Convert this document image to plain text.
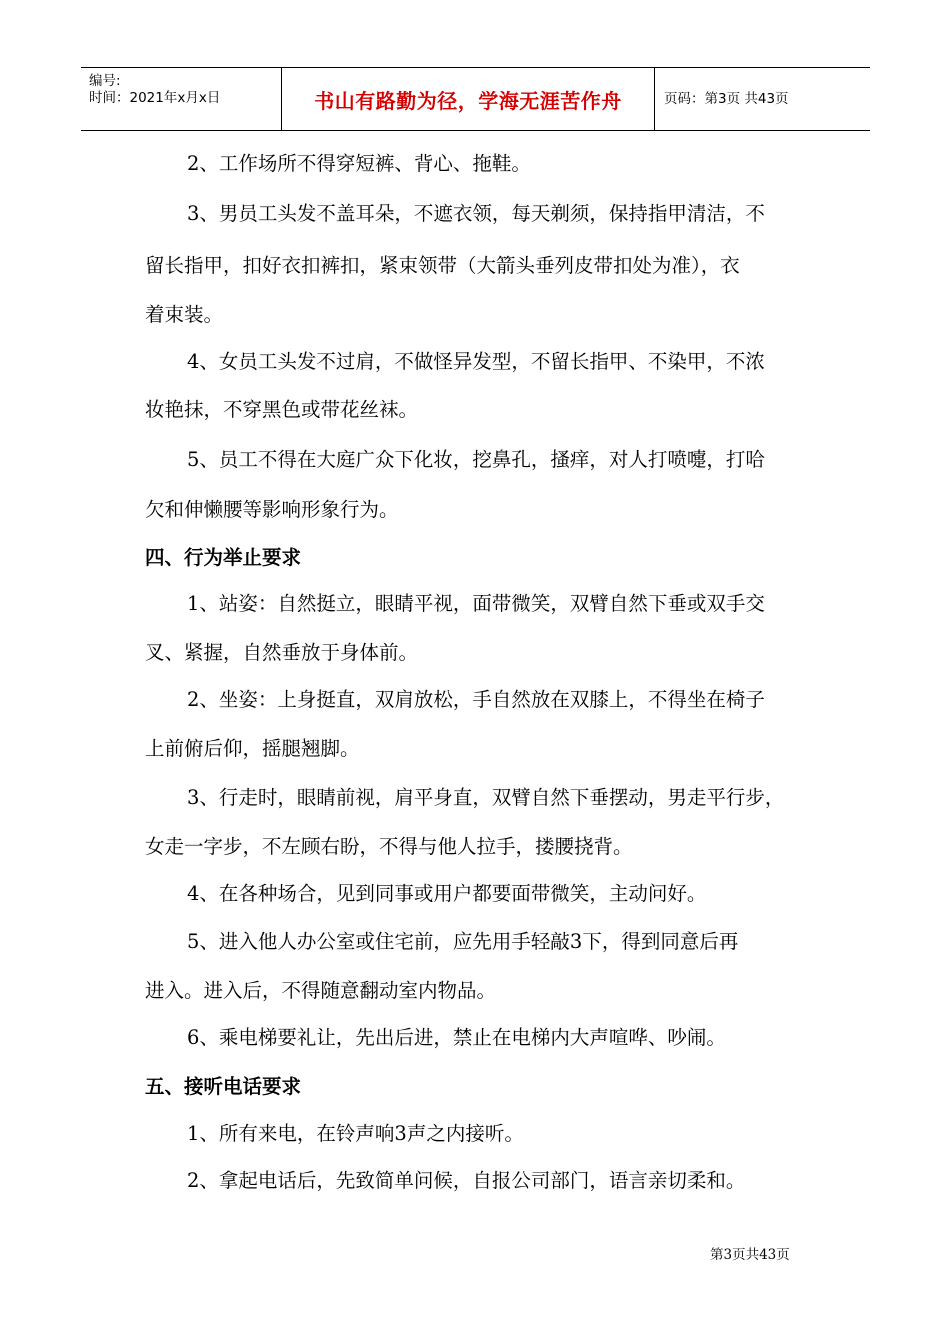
编号:
时间：2021年x月x日	书山有路勤为径，学海无涯苦作舟	页码：第3页 共43页
2、工作场所不得穿短裤、背心、拖鞋。
3、男员工头发不盖耳朵，不遮衣领，每天剃须，保持指甲清洁，不
留长指甲，扣好衣扣裤扣，紧束领带（大箭头垂列皮带扣处为准），衣
着束装。
4、女员工头发不过肩，不做怪异发型，不留长指甲、不染甲，不浓
妆艳抹，不穿黑色或带花丝袜。
5、员工不得在大庭广众下化妆，挖鼻孔，搔痒，对人打喷嚏，打哈
欠和伸懒腰等影响形象行为。
四、行为举止要求
1、站姿：自然挺立，眼睛平视，面带微笑，双臂自然下垂或双手交
叉、紧握，自然垂放于身体前。
2、坐姿：上身挺直，双肩放松，手自然放在双膝上，不得坐在椅子
上前俯后仰，摇腿翘脚。
3、行走时，眼睛前视，肩平身直，双臂自然下垂摆动，男走平行步，
女走一字步，不左顾右盼，不得与他人拉手，搂腰挠背。
4、在各种场合，见到同事或用户都要面带微笑，主动问好。
5、进入他人办公室或住宅前，应先用手轻敲3下，得到同意后再
进入。进入后，不得随意翻动室内物品。
6、乘电梯要礼让，先出后进，禁止在电梯内大声喧哗、吵闹。
五、接听电话要求
1、所有来电，在铃声响3声之内接听。
2、拿起电话后，先致简单问候，自报公司部门，语言亲切柔和。
第3页共43页
